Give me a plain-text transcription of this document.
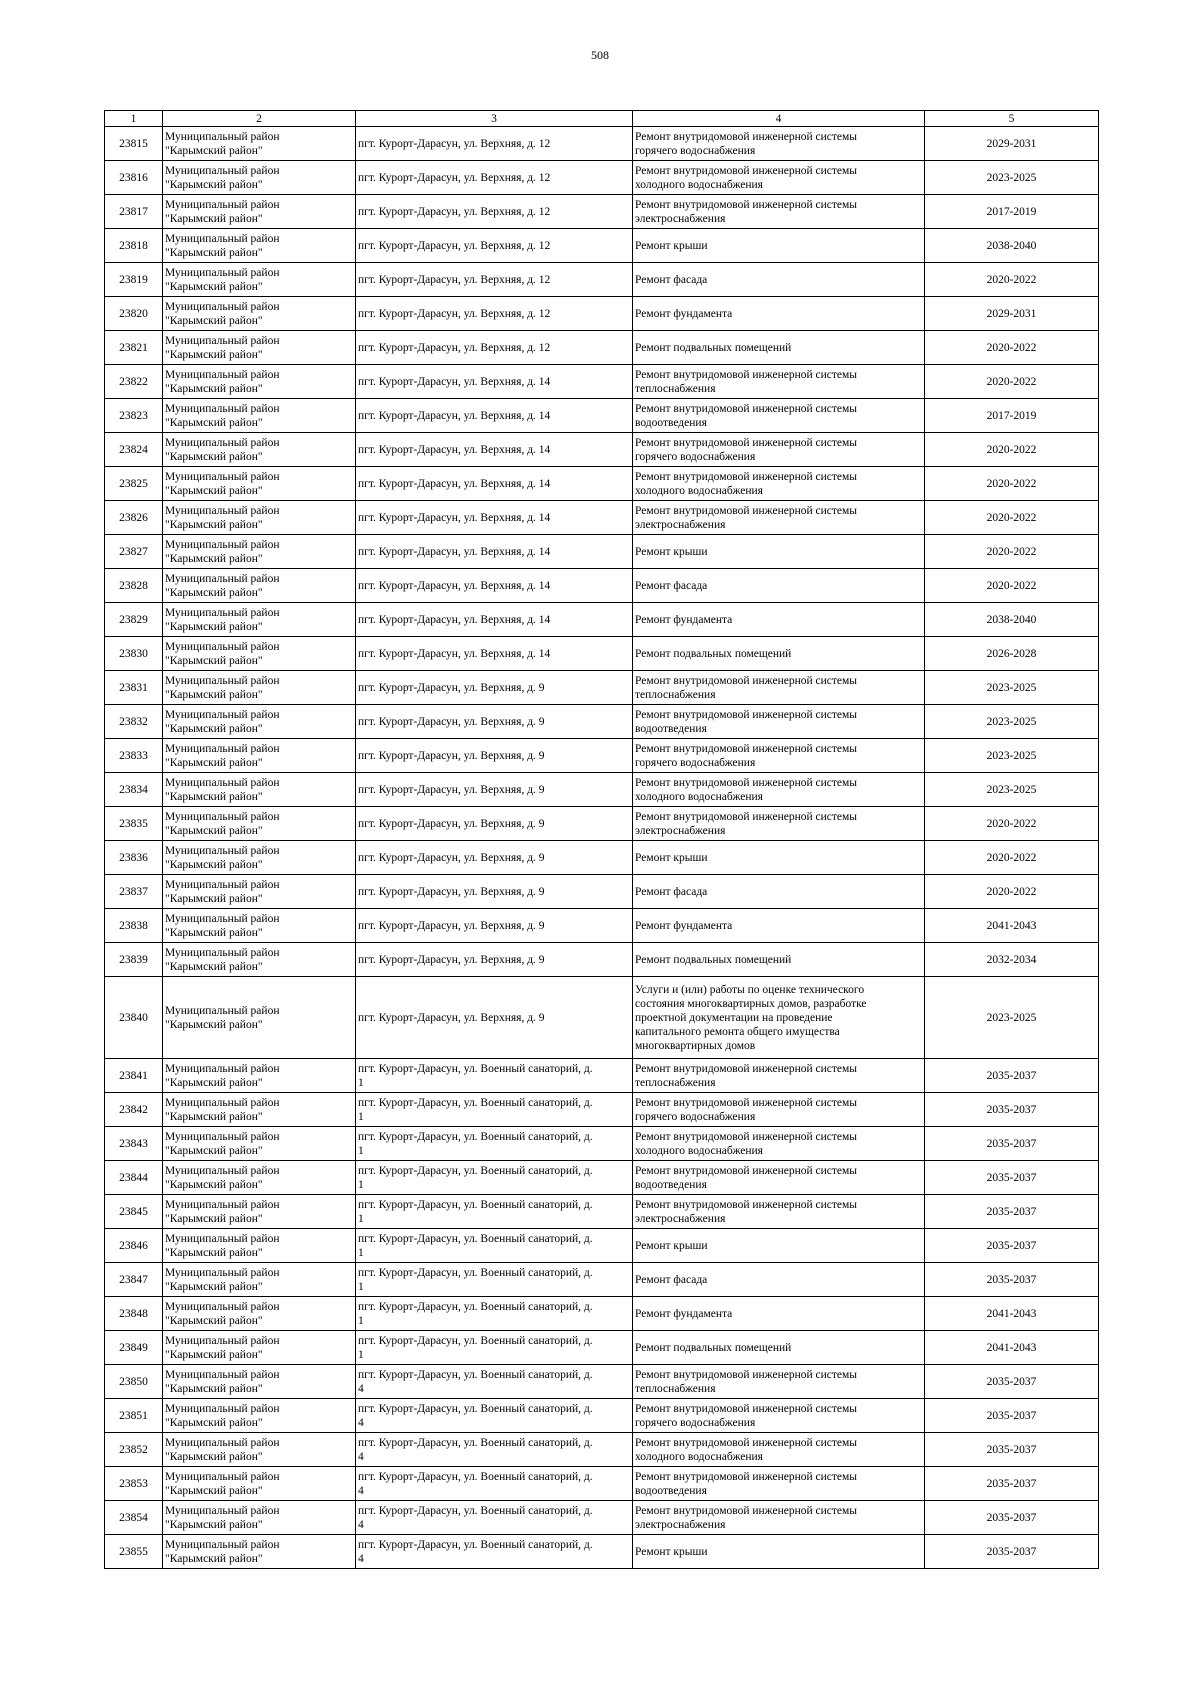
508
1	2	3	4	5

23815	Муниципальный район
"Карымский район"	пгт. Курорт-Дарасун, ул. Верхняя, д. 12	Ремонт внутридомовой инженерной системы
горячего водоснабжения	2029-2031

23816	Муниципальный район
"Карымский район"	пгт. Курорт-Дарасун, ул. Верхняя, д. 12	Ремонт внутридомовой инженерной системы
холодного водоснабжения	2023-2025

23817	Муниципальный район
"Карымский район"	пгт. Курорт-Дарасун, ул. Верхняя, д. 12	Ремонт внутридомовой инженерной системы
электроснабжения	2017-2019

23818	Муниципальный район
"Карымский район"	пгт. Курорт-Дарасун, ул. Верхняя, д. 12	Ремонт крыши	2038-2040

23819	Муниципальный район
"Карымский район"	пгт. Курорт-Дарасун, ул. Верхняя, д. 12	Ремонт фасада	2020-2022

23820	Муниципальный район
"Карымский район"	пгт. Курорт-Дарасун, ул. Верхняя, д. 12	Ремонт фундамента	2029-2031

23821	Муниципальный район
"Карымский район"	пгт. Курорт-Дарасун, ул. Верхняя, д. 12	Ремонт подвальных помещений	2020-2022

23822	Муниципальный район
"Карымский район"	пгт. Курорт-Дарасун, ул. Верхняя, д. 14	Ремонт внутридомовой инженерной системы
теплоснабжения	2020-2022

23823	Муниципальный район
"Карымский район"	пгт. Курорт-Дарасун, ул. Верхняя, д. 14	Ремонт внутридомовой инженерной системы
водоотведения	2017-2019

23824	Муниципальный район
"Карымский район"	пгт. Курорт-Дарасун, ул. Верхняя, д. 14	Ремонт внутридомовой инженерной системы
горячего водоснабжения	2020-2022

23825	Муниципальный район
"Карымский район"	пгт. Курорт-Дарасун, ул. Верхняя, д. 14	Ремонт внутридомовой инженерной системы
холодного водоснабжения	2020-2022

23826	Муниципальный район
"Карымский район"	пгт. Курорт-Дарасун, ул. Верхняя, д. 14	Ремонт внутридомовой инженерной системы
электроснабжения	2020-2022

23827	Муниципальный район
"Карымский район"	пгт. Курорт-Дарасун, ул. Верхняя, д. 14	Ремонт крыши	2020-2022

23828	Муниципальный район
"Карымский район"	пгт. Курорт-Дарасун, ул. Верхняя, д. 14	Ремонт фасада	2020-2022

23829	Муниципальный район
"Карымский район"	пгт. Курорт-Дарасун, ул. Верхняя, д. 14	Ремонт фундамента	2038-2040

23830	Муниципальный район
"Карымский район"	пгт. Курорт-Дарасун, ул. Верхняя, д. 14	Ремонт подвальных помещений	2026-2028

23831	Муниципальный район
"Карымский район"	пгт. Курорт-Дарасун, ул. Верхняя, д. 9	Ремонт внутридомовой инженерной системы
теплоснабжения	2023-2025

23832	Муниципальный район
"Карымский район"	пгт. Курорт-Дарасун, ул. Верхняя, д. 9	Ремонт внутридомовой инженерной системы
водоотведения	2023-2025

23833	Муниципальный район
"Карымский район"	пгт. Курорт-Дарасун, ул. Верхняя, д. 9	Ремонт внутридомовой инженерной системы
горячего водоснабжения	2023-2025

23834	Муниципальный район
"Карымский район"	пгт. Курорт-Дарасун, ул. Верхняя, д. 9	Ремонт внутридомовой инженерной системы
холодного водоснабжения	2023-2025

23835	Муниципальный район
"Карымский район"	пгт. Курорт-Дарасун, ул. Верхняя, д. 9	Ремонт внутридомовой инженерной системы
электроснабжения	2020-2022

23836	Муниципальный район
"Карымский район"	пгт. Курорт-Дарасун, ул. Верхняя, д. 9	Ремонт крыши	2020-2022

23837	Муниципальный район
"Карымский район"	пгт. Курорт-Дарасун, ул. Верхняя, д. 9	Ремонт фасада	2020-2022

23838	Муниципальный район
"Карымский район"	пгт. Курорт-Дарасун, ул. Верхняя, д. 9	Ремонт фундамента	2041-2043

23839	Муниципальный район
"Карымский район"	пгт. Курорт-Дарасун, ул. Верхняя, д. 9	Ремонт подвальных помещений	2032-2034

23840	Муниципальный район
"Карымский район"	пгт. Курорт-Дарасун, ул. Верхняя, д. 9	Услуги и (или) работы по оценке технического
состояния многоквартирных домов, разработке
проектной документации на проведение
капитального ремонта общего имущества
многоквартирных домов	2023-2025

23841	Муниципальный район
"Карымский район"	пгт. Курорт-Дарасун, ул. Военный санаторий, д.
1	Ремонт внутридомовой инженерной системы
теплоснабжения	2035-2037

23842	Муниципальный район
"Карымский район"	пгт. Курорт-Дарасун, ул. Военный санаторий, д.
1	Ремонт внутридомовой инженерной системы
горячего водоснабжения	2035-2037

23843	Муниципальный район
"Карымский район"	пгт. Курорт-Дарасун, ул. Военный санаторий, д.
1	Ремонт внутридомовой инженерной системы
холодного водоснабжения	2035-2037

23844	Муниципальный район
"Карымский район"	пгт. Курорт-Дарасун, ул. Военный санаторий, д.
1	Ремонт внутридомовой инженерной системы
водоотведения	2035-2037

23845	Муниципальный район
"Карымский район"	пгт. Курорт-Дарасун, ул. Военный санаторий, д.
1	Ремонт внутридомовой инженерной системы
электроснабжения	2035-2037

23846	Муниципальный район
"Карымский район"	пгт. Курорт-Дарасун, ул. Военный санаторий, д.
1	Ремонт крыши	2035-2037

23847	Муниципальный район
"Карымский район"	пгт. Курорт-Дарасун, ул. Военный санаторий, д.
1	Ремонт фасада	2035-2037

23848	Муниципальный район
"Карымский район"	пгт. Курорт-Дарасун, ул. Военный санаторий, д.
1	Ремонт фундамента	2041-2043

23849	Муниципальный район
"Карымский район"	пгт. Курорт-Дарасун, ул. Военный санаторий, д.
1	Ремонт подвальных помещений	2041-2043

23850	Муниципальный район
"Карымский район"	пгт. Курорт-Дарасун, ул. Военный санаторий, д.
4	Ремонт внутридомовой инженерной системы
теплоснабжения	2035-2037

23851	Муниципальный район
"Карымский район"	пгт. Курорт-Дарасун, ул. Военный санаторий, д.
4	Ремонт внутридомовой инженерной системы
горячего водоснабжения	2035-2037

23852	Муниципальный район
"Карымский район"	пгт. Курорт-Дарасун, ул. Военный санаторий, д.
4	Ремонт внутридомовой инженерной системы
холодного водоснабжения	2035-2037

23853	Муниципальный район
"Карымский район"	пгт. Курорт-Дарасун, ул. Военный санаторий, д.
4	Ремонт внутридомовой инженерной системы
водоотведения	2035-2037

23854	Муниципальный район
"Карымский район"	пгт. Курорт-Дарасун, ул. Военный санаторий, д.
4	Ремонт внутридомовой инженерной системы
электроснабжения	2035-2037

23855	Муниципальный район
"Карымский район"	пгт. Курорт-Дарасун, ул. Военный санаторий, д.
4	Ремонт крыши	2035-2037
